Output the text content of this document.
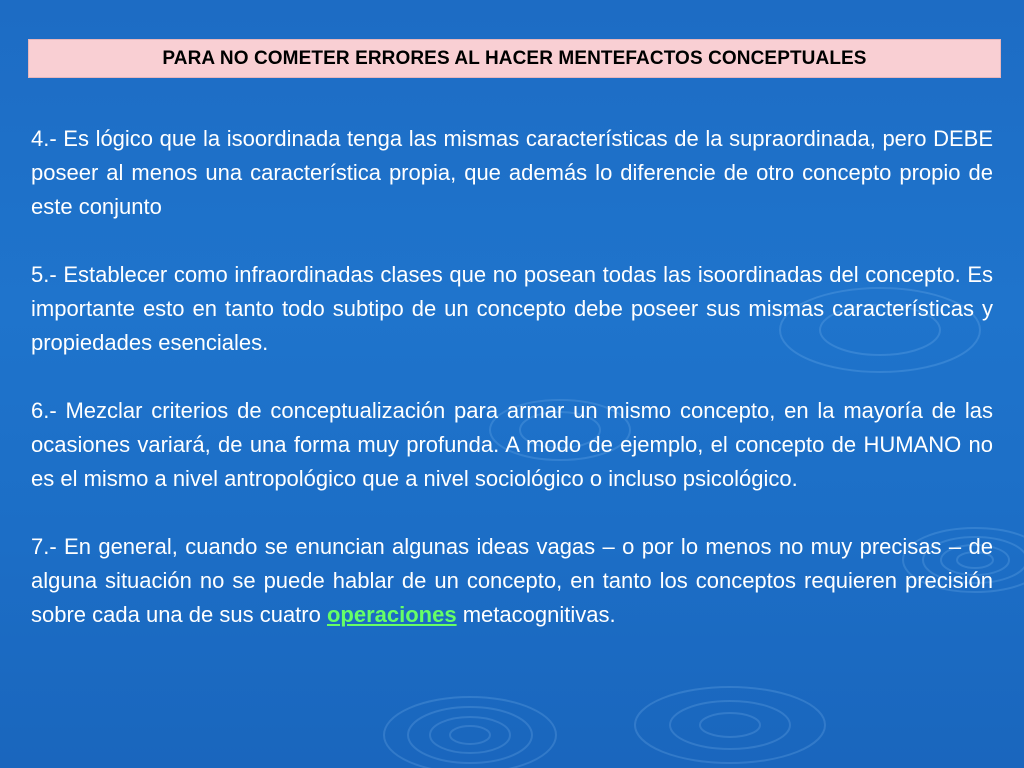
PARA NO COMETER ERRORES AL HACER MENTEFACTOS CONCEPTUALES

4.- Es lógico que la isoordinada tenga las mismas características de la supraordinada, pero DEBE poseer al menos una característica propia, que además lo diferencie de otro concepto propio de este conjunto

5.- Establecer como infraordinadas clases que no posean todas las isoordinadas del concepto. Es importante esto en tanto todo subtipo de un concepto debe poseer sus mismas características y propiedades esenciales.

6.- Mezclar criterios de conceptualización para armar un mismo concepto, en la mayoría de las ocasiones variará, de una forma muy profunda. A modo de ejemplo, el concepto de HUMANO no es el mismo a nivel antropológico que a nivel sociológico o incluso psicológico.

7.- En general, cuando se enuncian algunas ideas vagas – o por lo menos no muy precisas – de alguna situación no se puede hablar de un concepto, en tanto los conceptos requieren precisión sobre cada una de sus cuatro operaciones metacognitivas.
